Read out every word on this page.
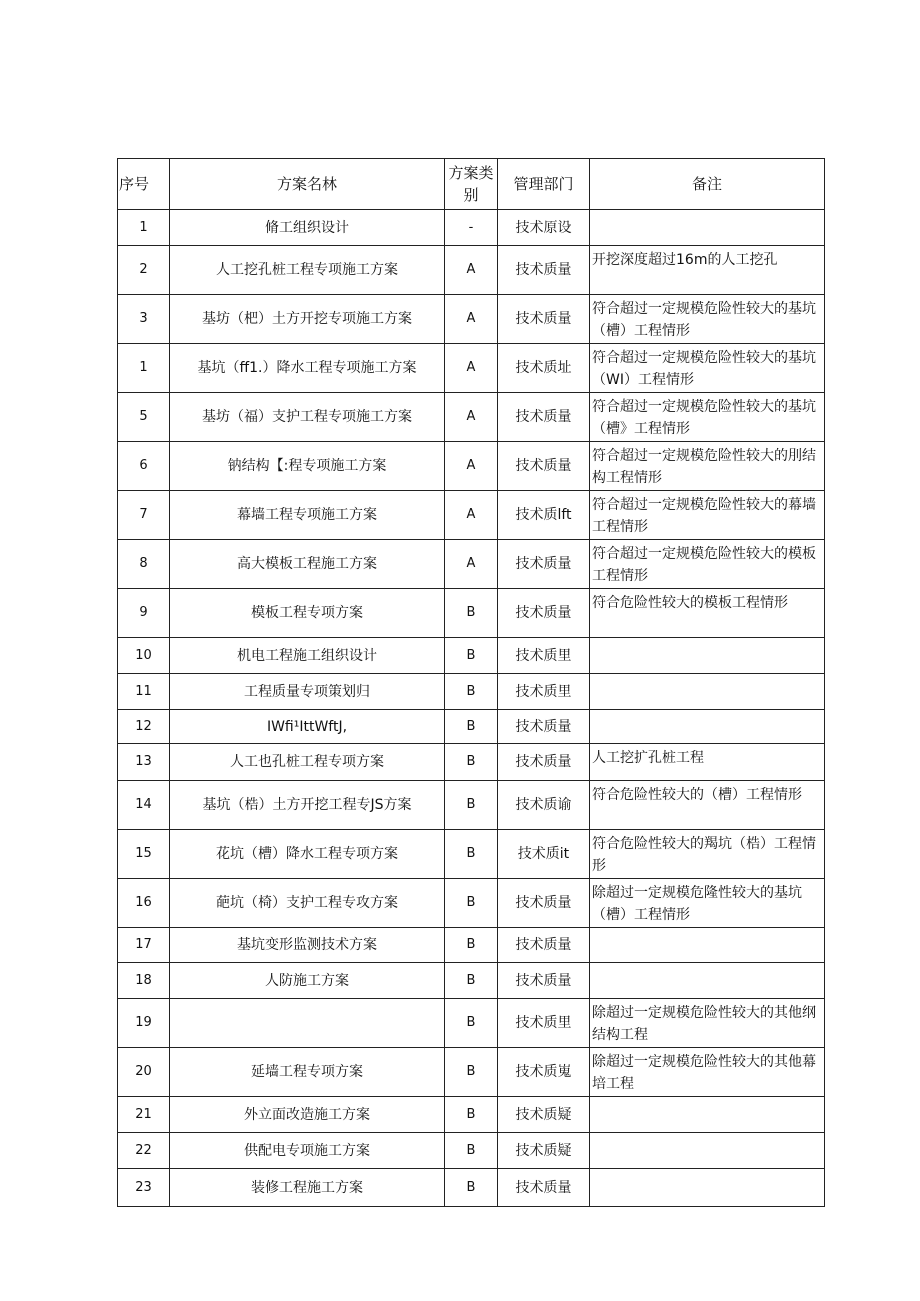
序号	方案名林	方案类别	管理部门	备注
1	脩工组织设计	-	技术原设	
2	人工挖孔桩工程专项施工方案	A	技术质量	开挖深度超过16m的人工挖孔
3	基坊（杷）土方开挖专项施工方案	A	技术质量	符合超过一定规模危险性较大的基坑（槽）工程情形
1	基坑（ff1.）降水工程专项施工方案	A	技术质址	符合超过一定规模危险性较大的基坑（WI）工程情形
5	基坊（福）支护工程专项施工方案	A	技术质量	符合超过一定规模危险性较大的基坑（槽》工程情形
6	钠结构【:程专项施工方案	A	技术质量	符合超过一定规模危险性较大的刖结构工程情形
7	幕墙工程专项施工方案	A	技术质lft	符合超过一定规模危险性较大的幕墙工程情形
8	高大模板工程施工方案	A	技术质量	符合超过一定规模危险性较大的模板工程情形
9	模板工程专项方案	B	技术质量	符合危险性较大的模板工程情形
10	机电工程施工组织设计	B	技术质里	
11	工程质量专项策划归	B	技术质里	
12	IWfi¹IttWftJ,	B	技术质量	
13	人工也孔桩工程专项方案	B	技术质量	人工挖扩孔桩工程
14	基坑（梏）土方开挖工程专JS方案	B	技术质谕	符合危险性较大的（槽）工程情形
15	花坑（槽）降水工程专项方案	B	技术质it	符合危险性较大的羯坑（梏）工程情形
16	葩坑（椅）支护工程专攻方案	B	技术质量	除超过一定规模危隆性较大的基坑（槽）工程情形
17	基坑变形监测技术方案	B	技术质量	
18	人防施工方案	B	技术质量	
19		B	技术质里	除超过一定规模危险性较大的其他纲结构工程
20	延墙工程专项方案	B	技术质嵬	除超过一定规模危险性较大的其他幕培工程
21	外立面改造施工方案	B	技术质疑	
22	供配电专项施工方案	B	技术质疑	
23	装修工程施工方案	B	技术质量	
